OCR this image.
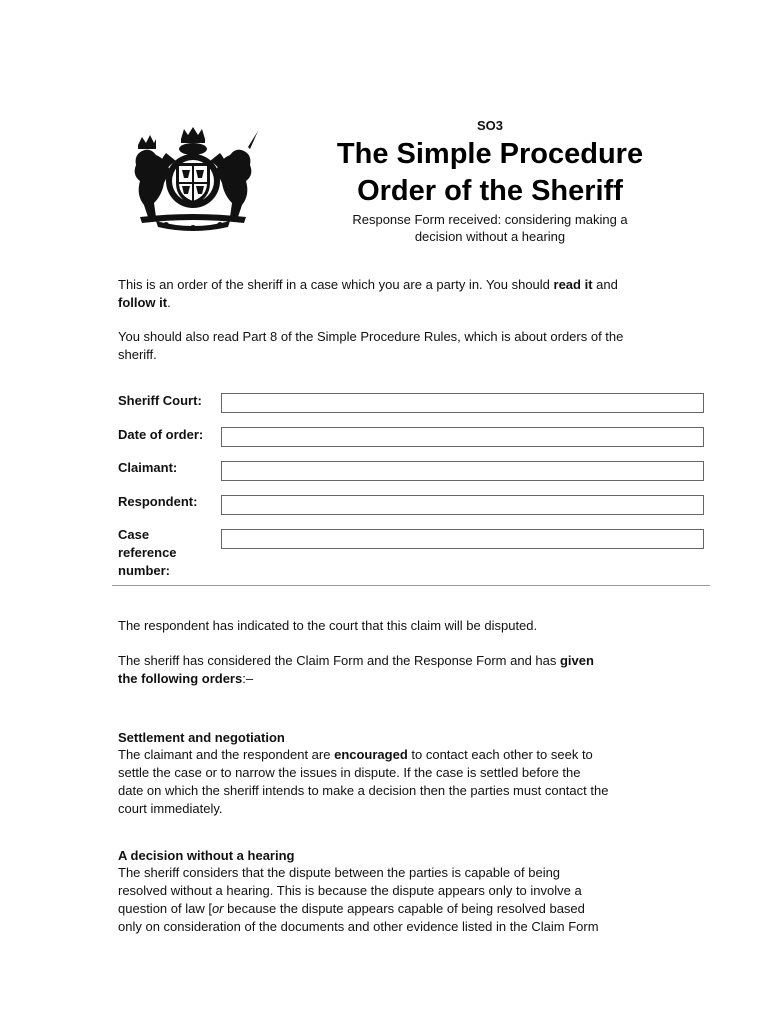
SO3
The Simple Procedure
Order of the Sheriff
Response Form received: considering making a
decision without a hearing
This is an order of the sheriff in a case which you are a party in. You should read it and
follow it.
You should also read Part 8 of the Simple Procedure Rules, which is about orders of the
sheriff.
Sheriff Court:
Date of order:
Claimant:
Respondent:
Case
reference
number:
The respondent has indicated to the court that this claim will be disputed.
The sheriff has considered the Claim Form and the Response Form and has given
the following orders:–
Settlement and negotiation
The claimant and the respondent are encouraged to contact each other to seek to
settle the case or to narrow the issues in dispute. If the case is settled before the
date on which the sheriff intends to make a decision then the parties must contact the
court immediately.
A decision without a hearing
The sheriff considers that the dispute between the parties is capable of being
resolved without a hearing. This is because the dispute appears only to involve a
question of law [or because the dispute appears capable of being resolved based
only on consideration of the documents and other evidence listed in the Claim Form
